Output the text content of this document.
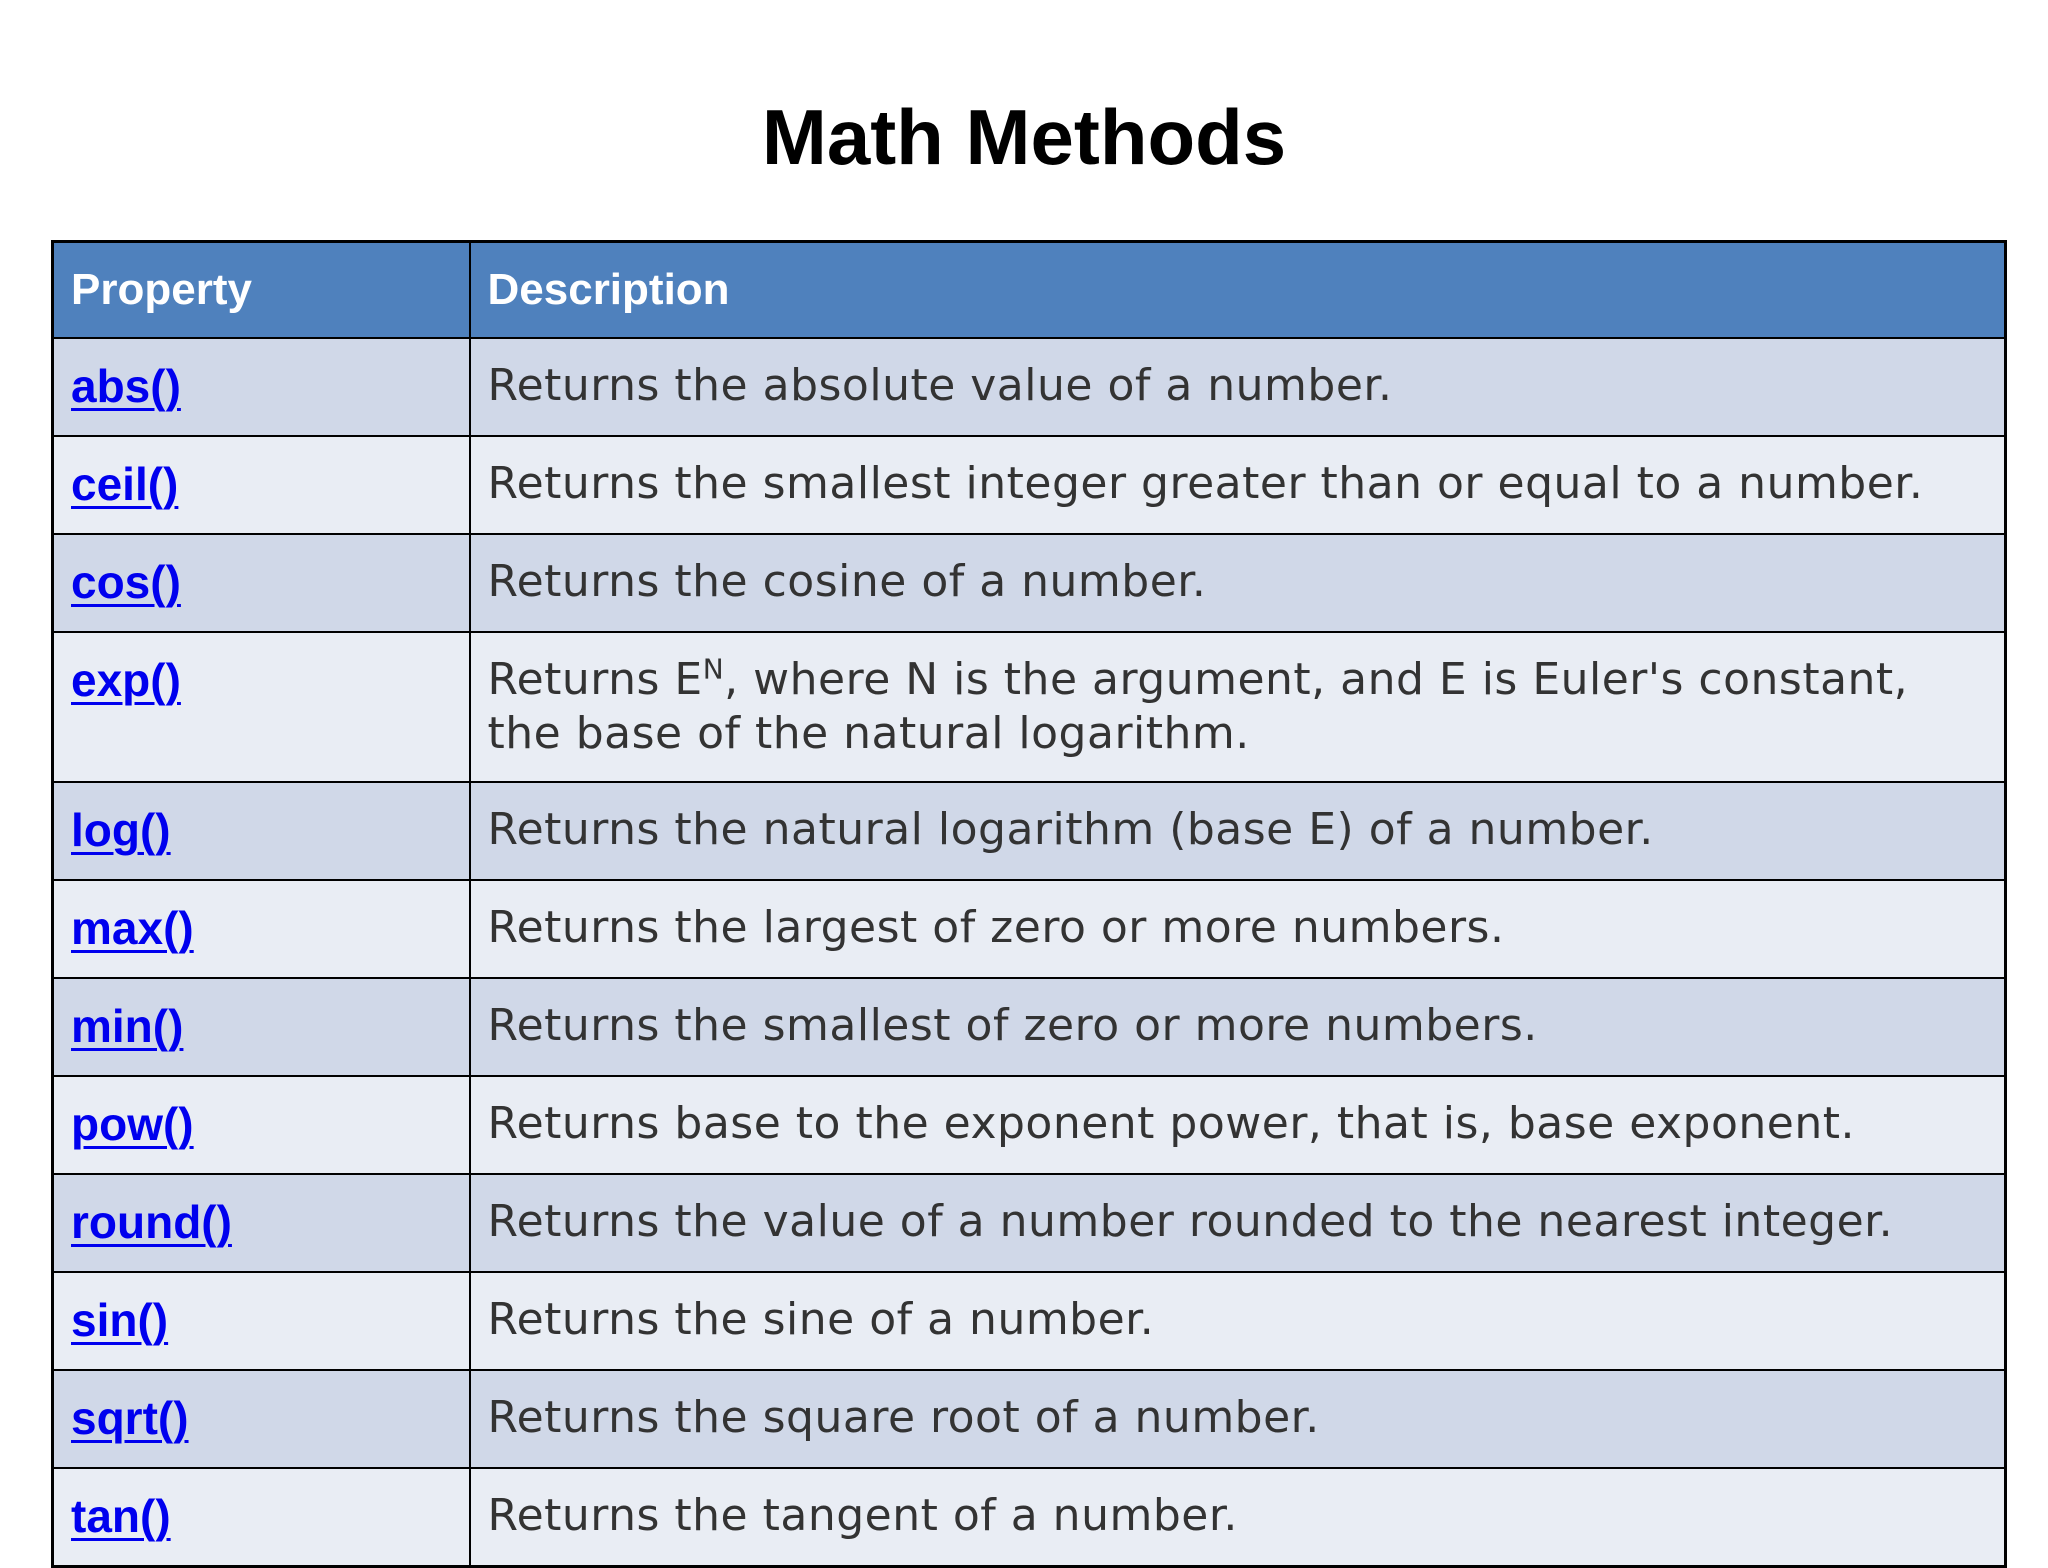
Math Methods
Property	Description
abs()	Returns the absolute value of a number.
ceil()	Returns the smallest integer greater than or equal to a number.
cos()	Returns the cosine of a number.
exp()	Returns $E^N$, where N is the argument, and E is Euler's constant, the base of the natural logarithm.
log()	Returns the natural logarithm (base E) of a number.
max()	Returns the largest of zero or more numbers.
min()	Returns the smallest of zero or more numbers.
pow()	Returns base to the exponent power, that is, base exponent.
round()	Returns the value of a number rounded to the nearest integer.
sin()	Returns the sine of a number.
sqrt()	Returns the square root of a number.
tan()	Returns the tangent of a number.
